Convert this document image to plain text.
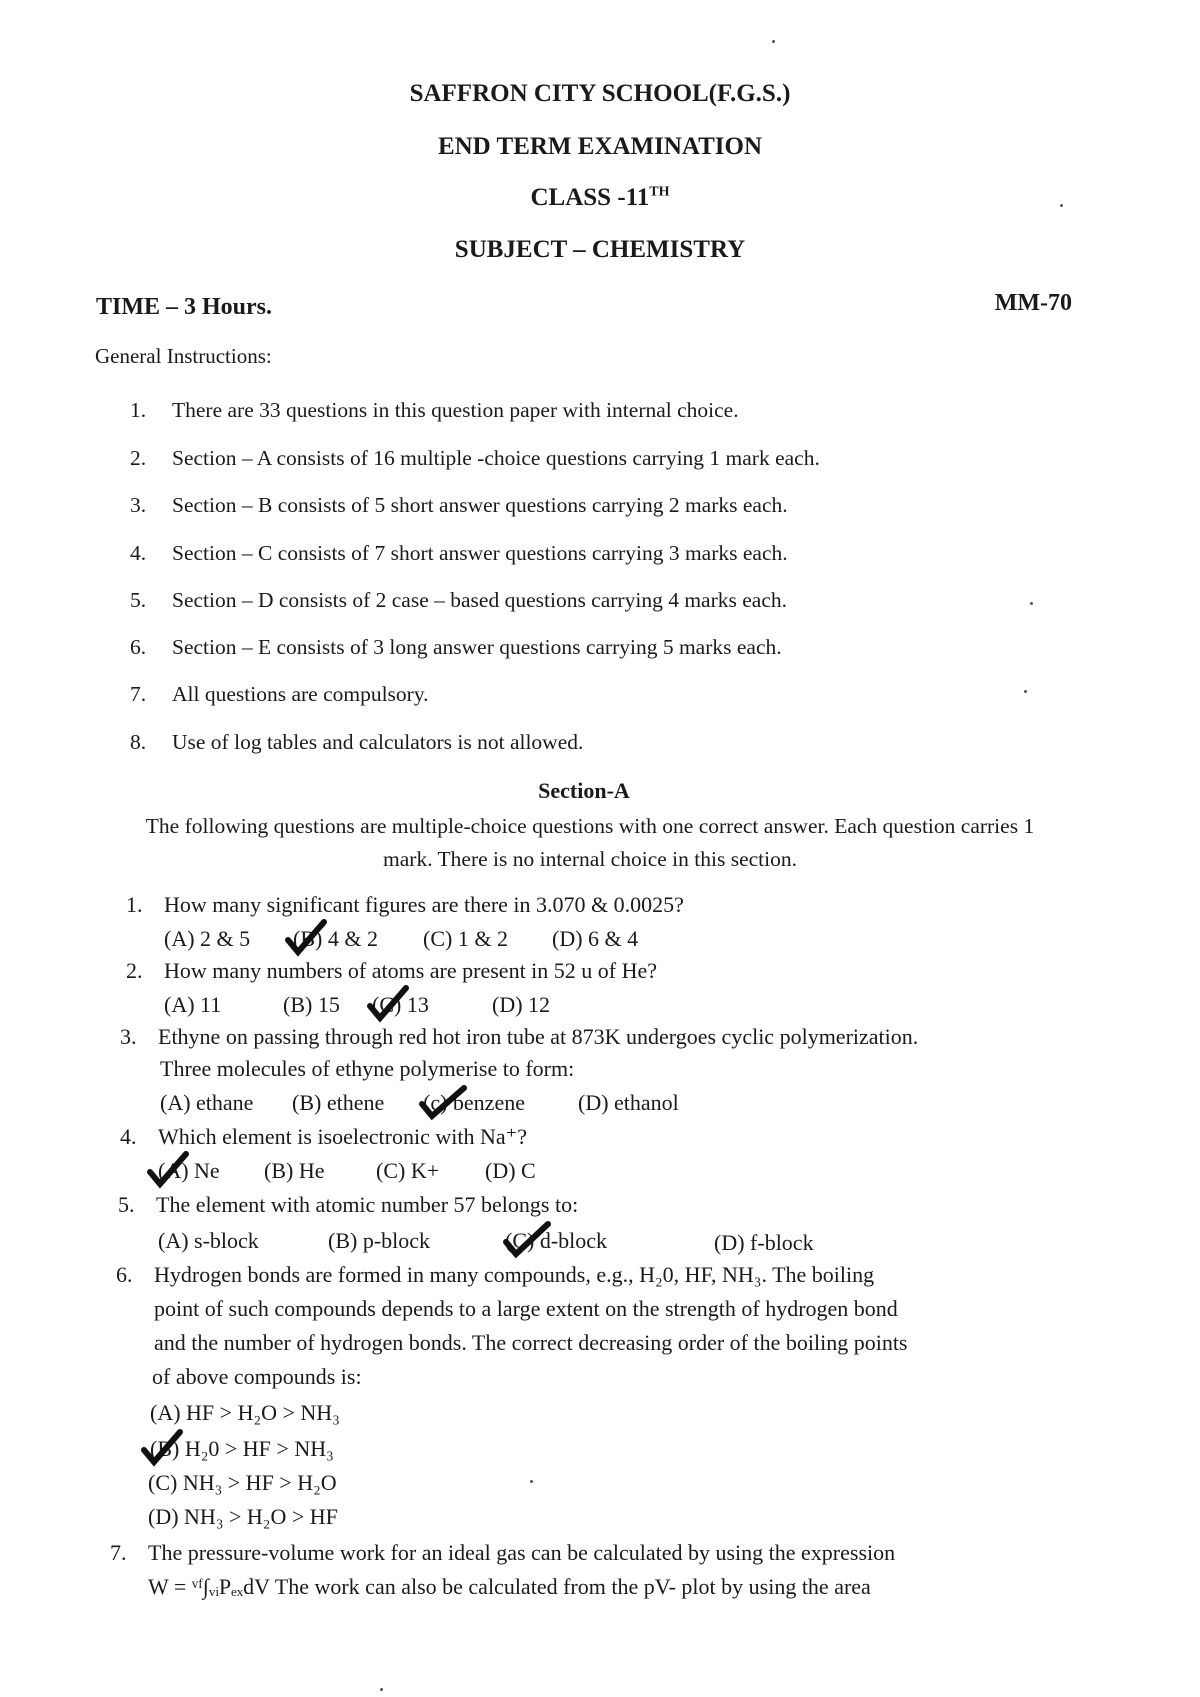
SAFFRON CITY SCHOOL(F.G.S.)
END TERM EXAMINATION
CLASS -11TH
SUBJECT – CHEMISTRY
TIME – 3 Hours.	MM-70
General Instructions:
1. There are 33 questions in this question paper with internal choice.
2. Section – A consists of 16 multiple -choice questions carrying 1 mark each.
3. Section – B consists of 5 short answer questions carrying 2 marks each.
4. Section – C consists of 7 short answer questions carrying 3 marks each.
5. Section – D consists of 2 case – based questions carrying 4 marks each.
6. Section – E consists of 3 long answer questions carrying 5 marks each.
7. All questions are compulsory.
8. Use of log tables and calculators is not allowed.
Section-A
The following questions are multiple-choice questions with one correct answer. Each question carries 1 mark. There is no internal choice in this section.
1. How many significant figures are there in 3.070 & 0.0025?
(A) 2 & 5 (B) 4 & 2 (C) 1 & 2 (D) 6 & 4
2. How many numbers of atoms are present in 52 u of He?
(A) 11	(B) 15 (C) 13	(D) 12
3. Ethyne on passing through red hot iron tube at 873K undergoes cyclic polymerization.
Three molecules of ethyne polymerise to form:
(A) ethane (B) ethene (c) benzene (D) ethanol
4. Which element is isoelectronic with Na⁺?
(A) Ne (B) He (C) K+ (D) C
5. The element with atomic number 57 belongs to:
(A) s-block	(B) p-block	(C) d-block	(D) f-block
6. Hydrogen bonds are formed in many compounds, e.g., H₂0, HF, NH₃. The boiling
point of such compounds depends to a large extent on the strength of hydrogen bond
and the number of hydrogen bonds. The correct decreasing order of the boiling points
of above compounds is:
(A) HF > H₂O > NH₃
(B) H₂0 > HF > NH₃
(C) NH₃ > HF > H₂O
(D) NH₃ > H₂O > HF
7. The pressure-volume work for an ideal gas can be calculated by using the expression
W = ᵛᶠ∫ᵥᵢPₑₓdV The work can also be calculated from the pV- plot by using the area
